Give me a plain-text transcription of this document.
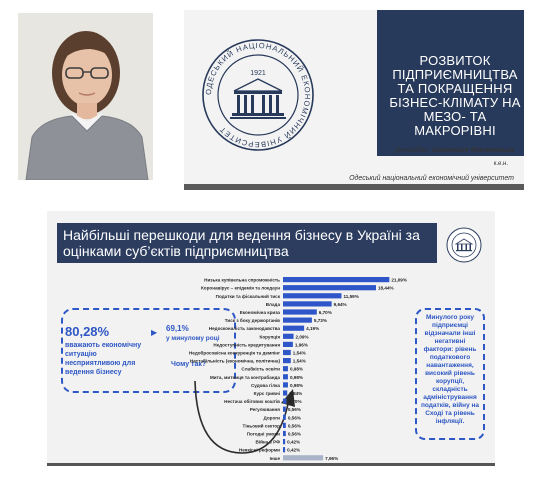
ОДЕСЬКИЙ НАЦІОНАЛЬНИЙ ЕКОНОМІЧНИЙ УНІВЕРСИТЕТ
1921
Доповідач: Анастасія Фіалковська
к.е.н.
Одеський національний економічний університет
РОЗВИТОК ПІДПРИЄМНИЦТВА ТА ПОКРАЩЕННЯ БІЗНЕС-КЛІМАТУ НА МЕЗО- ТА МАКРОРІВНІ
Найбільші перешкоди для ведення бізнесу в Україні за оцінками суб’єктів підприємництва
80,28%
вважають економічну ситуацію несприятливою для ведення бізнесу
▶ 69,1%
у минулому році
Чому так?
Низька купівельна спроможність	21,09%
Коронавірус – епідемія та локдаун	18,44%
Податки та фіскальний тиск	11,59%
Влада	9,64%
Економічна криза	6,70%
Тиск з боку держорганів	5,73%
Недосконалість законодавства	4,19%
Корупція	2,09%
Недоступність кредитування	1,96%
Недобросовісна конкуренція та демпінг	1,54%
Нестабільність (економічна, політична)	1,54%
Слабкість освіти 0,98%
Мита, митниця та контрабанда 0,98%
Судова гілка 0,98%
Курс гривні 0,84%
Нестача обігових коштів 0,70%
Регулювання 0,56%
Дороги 0,56%
Тіньовий сектор 0,56%
Погодні умови 0,56%
Війна з РФ 0,42%
Неякісні реформи 0,42%
Інше	7,96%
Минулого року підприємці відзначали інші негативні фактори: рівень податкового навантаження, високий рівень корупції, складність адміністрування податків, війну на Сході та рівень інфляції.
